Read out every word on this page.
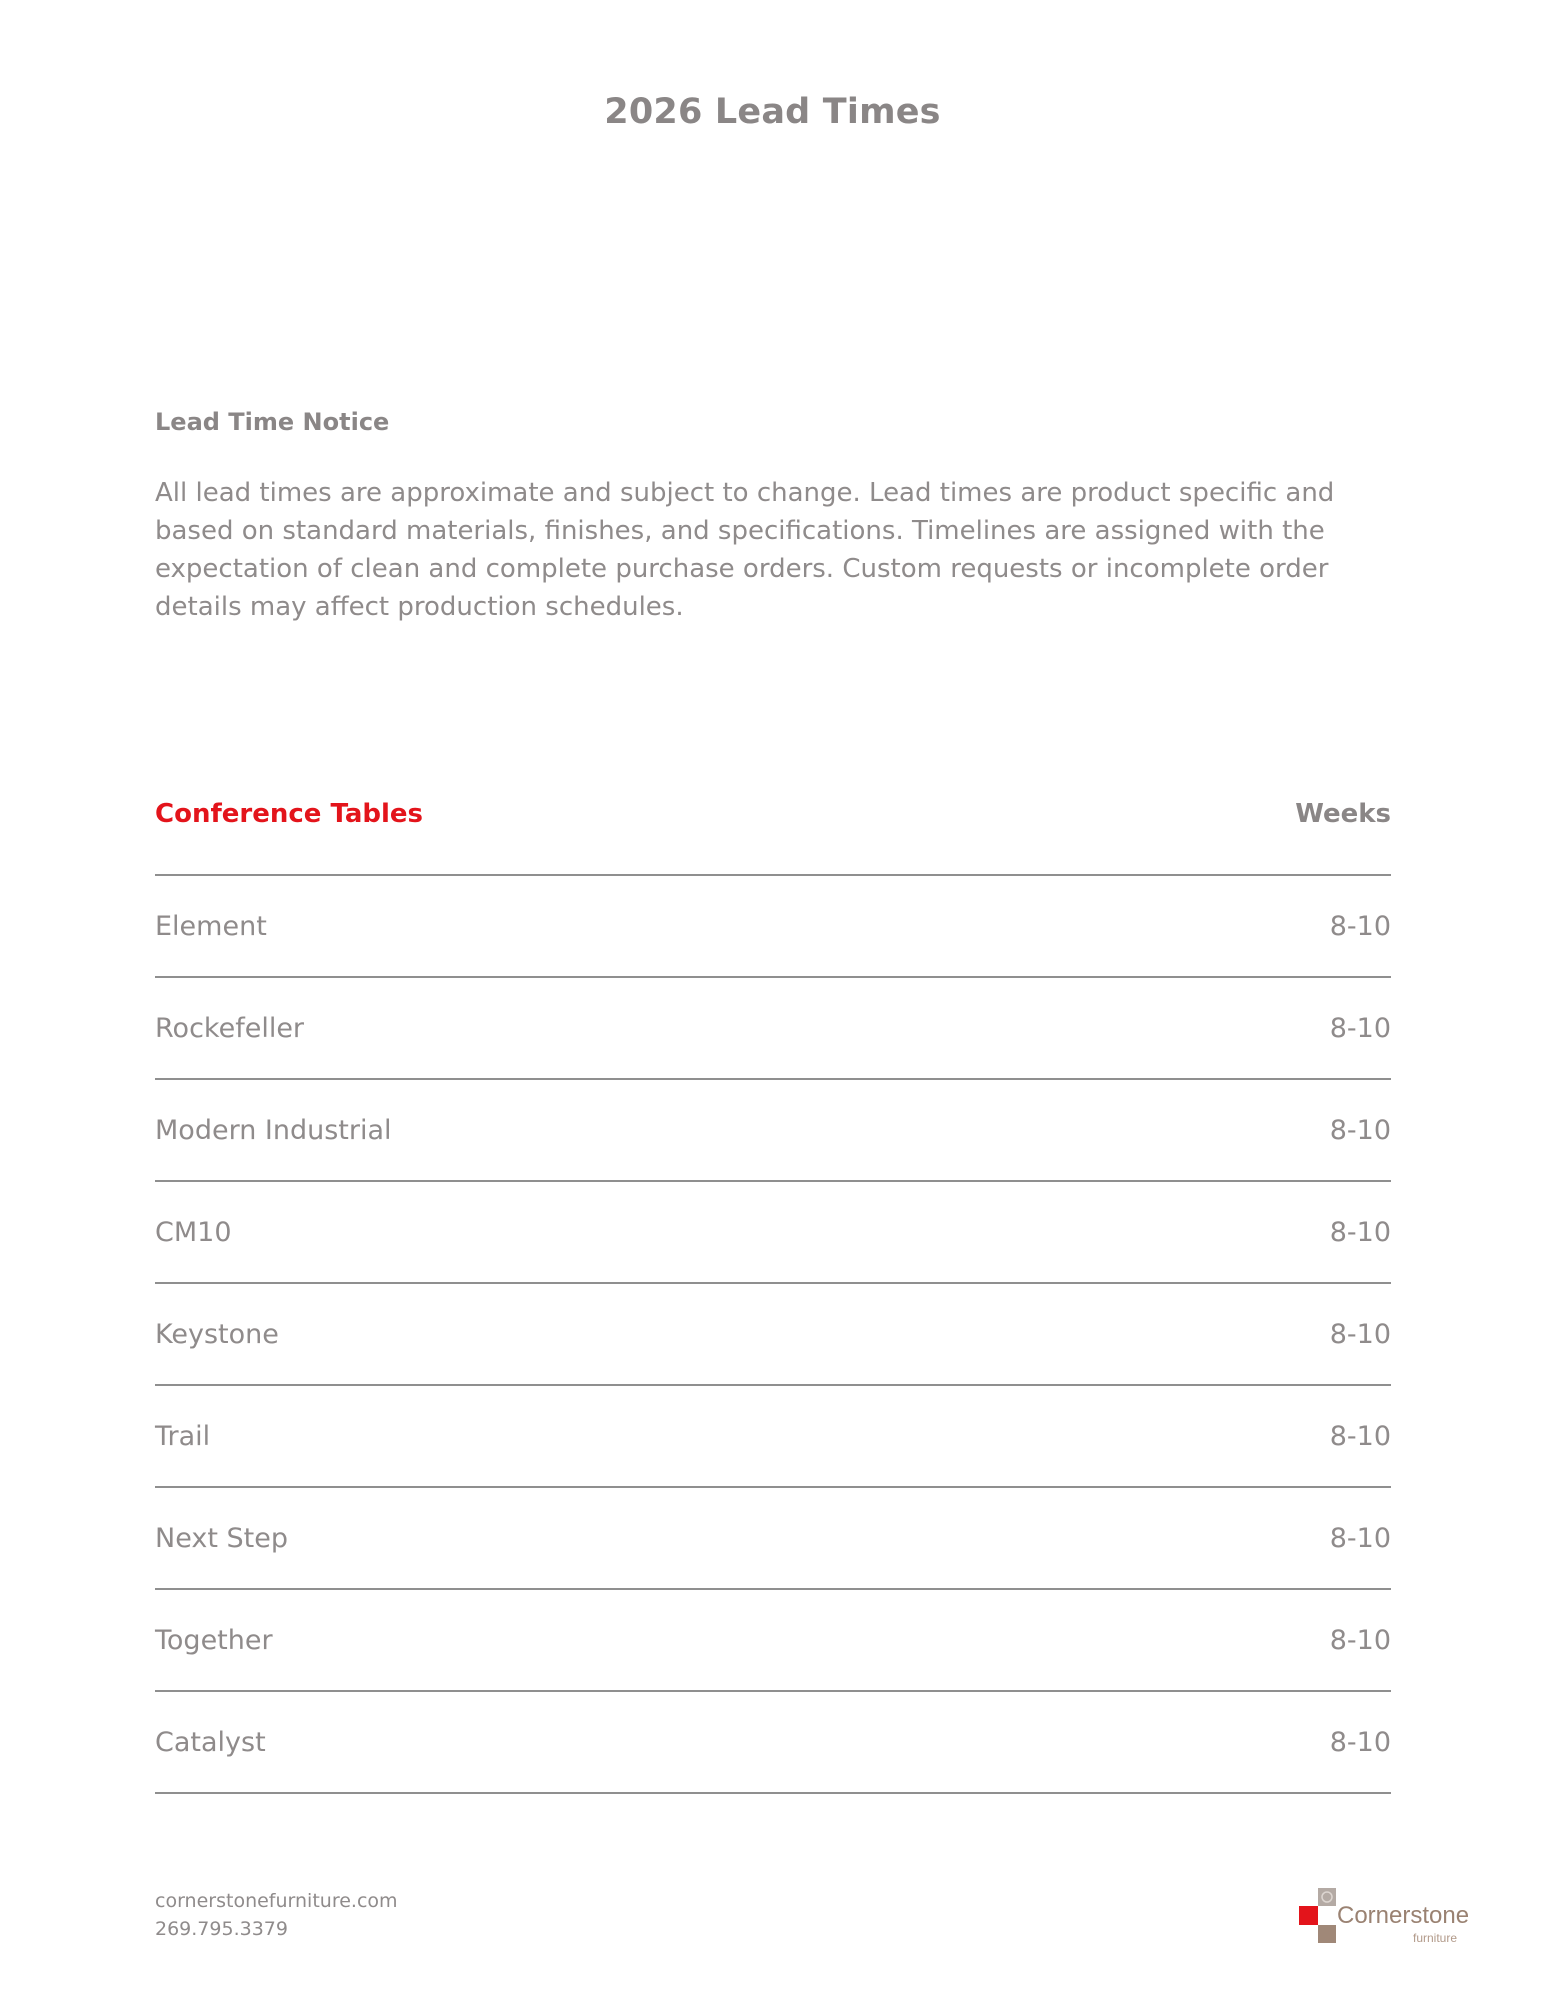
2026 Lead Times
Lead Time Notice
All lead times are approximate and subject to change. Lead times are product specific and
based on standard materials, finishes, and specifications. Timelines are assigned with the
expectation of clean and complete purchase orders. Custom requests or incomplete order
details may affect production schedules.
Conference Tables	Weeks
Element	8-10
Rockefeller	8-10
Modern Industrial	8-10
CM10	8-10
Keystone	8-10
Trail	8-10
Next Step	8-10
Together	8-10
Catalyst	8-10
cornerstonefurniture.com
269.795.3379	Cornerstone
furniture
